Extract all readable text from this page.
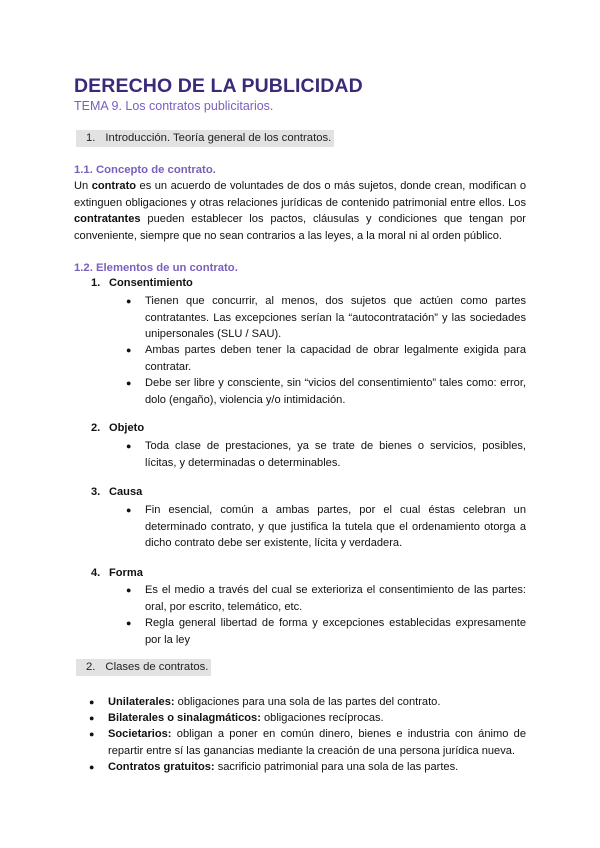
DERECHO DE LA PUBLICIDAD
TEMA 9. Los contratos publicitarios.
1. Introducción. Teoría general de los contratos.
1.1. Concepto de contrato.
Un contrato es un acuerdo de voluntades de dos o más sujetos, donde crean, modifican o
extinguen obligaciones y otras relaciones jurídicas de contenido patrimonial entre ellos. Los
contratantes pueden establecer los pactos, cláusulas y condiciones que tengan por
conveniente, siempre que no sean contrarios a las leyes, a la moral ni al orden público.
1.2. Elementos de un contrato.
1. Consentimiento
● Tienen que concurrir, al menos, dos sujetos que actúen como partes
contratantes. Las excepciones serían la “autocontratación” y las sociedades
unipersonales (SLU / SAU).
● Ambas partes deben tener la capacidad de obrar legalmente exigida para
contratar.
● Debe ser libre y consciente, sin “vicios del consentimiento” tales como: error,
dolo (engaño), violencia y/o intimidación.
2. Objeto
● Toda clase de prestaciones, ya se trate de bienes o servicios, posibles,
lícitas, y determinadas o determinables.
3. Causa
● Fin esencial, común a ambas partes, por el cual éstas celebran un
determinado contrato, y que justifica la tutela que el ordenamiento otorga a
dicho contrato debe ser existente, lícita y verdadera.
4. Forma
● Es el medio a través del cual se exterioriza el consentimiento de las partes:
oral, por escrito, telemático, etc.
● Regla general libertad de forma y excepciones establecidas expresamente
por la ley
2. Clases de contratos.
● Unilaterales: obligaciones para una sola de las partes del contrato.
● Bilaterales o sinalagmáticos: obligaciones recíprocas.
● Societarios: obligan a poner en común dinero, bienes e industria con ánimo de
repartir entre sí las ganancias mediante la creación de una persona jurídica nueva.
● Contratos gratuitos: sacrificio patrimonial para una sola de las partes.
